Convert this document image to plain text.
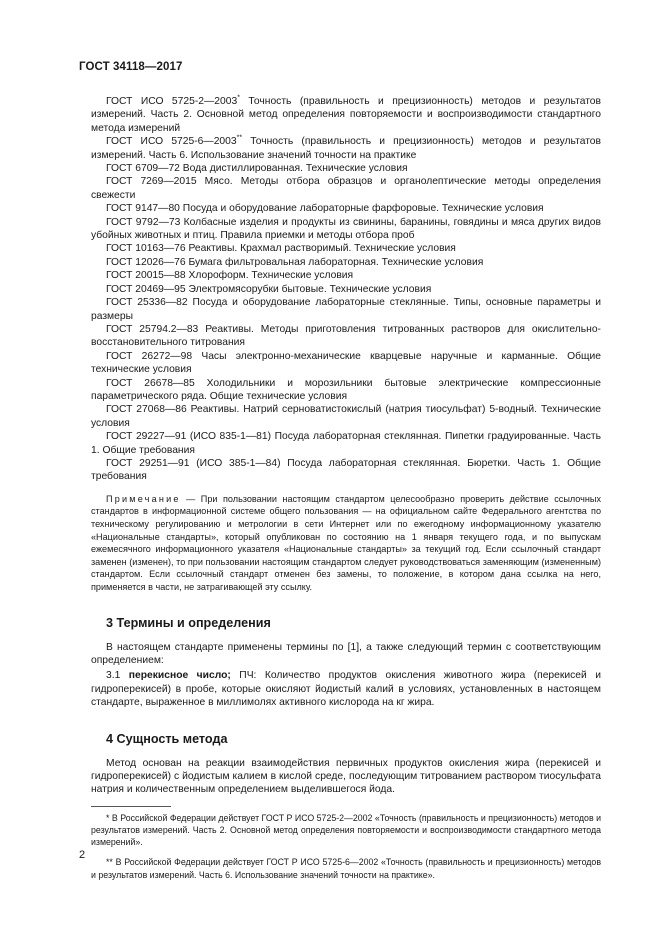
ГОСТ 34118—2017

ГОСТ ИСО 5725-2—2003* Точность (правильность и прецизионность) методов и результатов измерений. Часть 2. Основной метод определения повторяемости и воспроизводимости стандартного метода измерений

ГОСТ ИСО 5725-6—2003** Точность (правильность и прецизионность) методов и результатов измерений. Часть 6. Использование значений точности на практике

ГОСТ 6709—72 Вода дистиллированная. Технические условия

ГОСТ 7269—2015 Мясо. Методы отбора образцов и органолептические методы определения свежести

ГОСТ 9147—80 Посуда и оборудование лабораторные фарфоровые. Технические условия

ГОСТ 9792—73 Колбасные изделия и продукты из свинины, баранины, говядины и мяса других видов убойных животных и птиц. Правила приемки и методы отбора проб

ГОСТ 10163—76 Реактивы. Крахмал растворимый. Технические условия

ГОСТ 12026—76 Бумага фильтровальная лабораторная. Технические условия

ГОСТ 20015—88 Хлороформ. Технические условия

ГОСТ 20469—95 Электромясорубки бытовые. Технические условия

ГОСТ 25336—82 Посуда и оборудование лабораторные стеклянные. Типы, основные параметры и размеры

ГОСТ 25794.2—83 Реактивы. Методы приготовления титрованных растворов для окислительно-восстановительного титрования

ГОСТ 26272—98 Часы электронно-механические кварцевые наручные и карманные. Общие технические условия

ГОСТ 26678—85 Холодильники и морозильники бытовые электрические компрессионные параметрического ряда. Общие технические условия

ГОСТ 27068—86 Реактивы. Натрий серноватистокислый (натрия тиосульфат) 5-водный. Технические условия

ГОСТ 29227—91 (ИСО 835-1—81) Посуда лабораторная стеклянная. Пипетки градуированные. Часть 1. Общие требования

ГОСТ 29251—91 (ИСО 385-1—84) Посуда лабораторная стеклянная. Бюретки. Часть 1. Общие требования

Примечание — При пользовании настоящим стандартом целесообразно проверить действие ссылочных стандартов в информационной системе общего пользования — на официальном сайте Федерального агентства по техническому регулированию и метрологии в сети Интернет или по ежегодному информационному указателю «Национальные стандарты», который опубликован по состоянию на 1 января текущего года, и по выпускам ежемесячного информационного указателя «Национальные стандарты» за текущий год. Если ссылочный стандарт заменен (изменен), то при пользовании настоящим стандартом следует руководствоваться заменяющим (измененным) стандартом. Если ссылочный стандарт отменен без замены, то положение, в котором дана ссылка на него, применяется в части, не затрагивающей эту ссылку.

3 Термины и определения

В настоящем стандарте применены термины по [1], а также следующий термин с соответствующим определением:

3.1 перекисное число; ПЧ: Количество продуктов окисления животного жира (перекисей и гидроперекисей) в пробе, которые окисляют йодистый калий в условиях, установленных в настоящем стандарте, выраженное в миллимолях активного кислорода на кг жира.

4 Сущность метода

Метод основан на реакции взаимодействия первичных продуктов окисления жира (перекисей и гидроперекисей) с йодистым калием в кислой среде, последующим титрованием раствором тиосульфата натрия и количественным определением выделившегося йода.

* В Российской Федерации действует ГОСТ Р ИСО 5725-2—2002 «Точность (правильность и прецизионность) методов и результатов измерений. Часть 2. Основной метод определения повторяемости и воспроизводимости стандартного метода измерений».

** В Российской Федерации действует ГОСТ Р ИСО 5725-6—2002 «Точность (правильность и прецизионность) методов и результатов измерений. Часть 6. Использование значений точности на практике».

2
